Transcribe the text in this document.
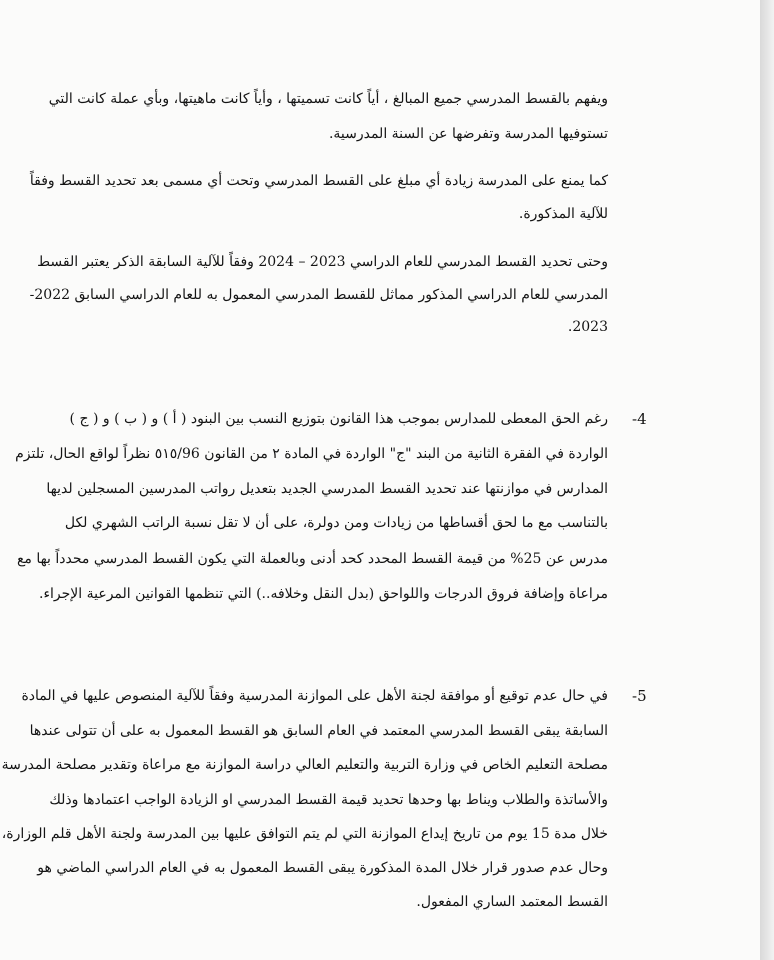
ويفهم بالقسط المدرسي جميع المبالغ ، أياً كانت تسميتها ، وأياً كانت ماهيتها، وبأي عملة كانت التي
تستوفيها المدرسة وتفرضها عن السنة المدرسية.
كما يمنع على المدرسة زيادة أي مبلغ على القسط المدرسي وتحت أي مسمى بعد تحديد القسط وفقاً
للآلية المذكورة.
وحتى تحديد القسط المدرسي للعام الدراسي 2023 – 2024 وفقاً للآلية السابقة الذكر يعتبر القسط
المدرسي للعام الدراسي المذكور مماثل للقسط المدرسي المعمول به للعام الدراسي السابق 2022-
2023.
-4
رغم الحق المعطى للمدارس بموجب هذا القانون بتوزيع النسب بين البنود ( أ ) و ( ب ) و ( ج )
الواردة في الفقرة الثانية من البند "ج" الواردة في المادة ٢ من القانون ٥١٥/96 نظراً لواقع الحال، تلتزم
المدارس في موازنتها عند تحديد القسط المدرسي الجديد بتعديل رواتب المدرسين المسجلين لديها
بالتناسب مع ما لحق أقساطها من زيادات ومن دولرة، على أن لا تقل نسبة الراتب الشهري لكل
مدرس عن 25% من قيمة القسط المحدد كحد أدنى وبالعملة التي يكون القسط المدرسي محدداً بها مع
مراعاة وإضافة فروق الدرجات واللواحق (بدل النقل وخلافه..) التي تنظمها القوانين المرعية الإجراء.
-5
في حال عدم توقيع أو موافقة لجنة الأهل على الموازنة المدرسية وفقاً للآلية المنصوص عليها في المادة
السابقة يبقى القسط المدرسي المعتمد في العام السابق هو القسط المعمول به على أن تتولى عندها
مصلحة التعليم الخاص في وزارة التربية والتعليم العالي دراسة الموازنة مع مراعاة وتقدير مصلحة المدرسة
والأساتذة والطلاب ويناط بها وحدها تحديد قيمة القسط المدرسي او الزيادة الواجب اعتمادها وذلك
خلال مدة 15 يوم من تاريخ إيداع الموازنة التي لم يتم التوافق عليها بين المدرسة ولجنة الأهل قلم الوزارة،
وحال عدم صدور قرار خلال المدة المذكورة يبقى القسط المعمول به في العام الدراسي الماضي هو
القسط المعتمد الساري المفعول.
